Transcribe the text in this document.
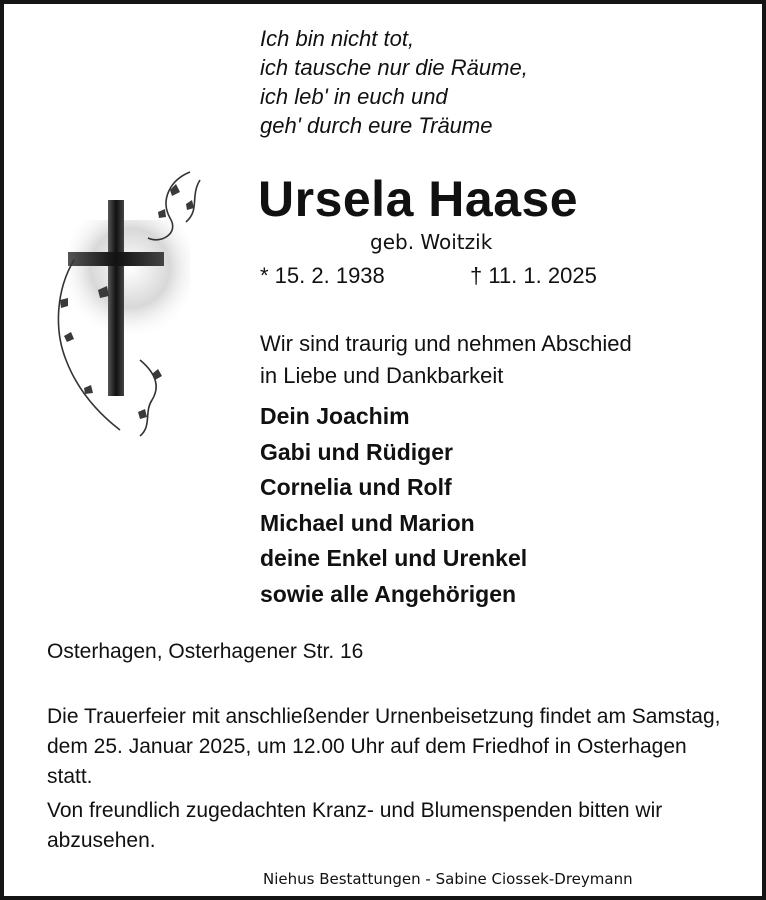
Ich bin nicht tot,
ich tausche nur die Räume,
ich leb' in euch und
geh' durch eure Träume
Ursela Haase
geb. Woitzik
* 15. 2. 1938	† 11. 1. 2025
Wir sind traurig und nehmen Abschied
in Liebe und Dankbarkeit
Dein Joachim
Gabi und Rüdiger
Cornelia und Rolf
Michael und Marion
deine Enkel und Urenkel
sowie alle Angehörigen
Osterhagen, Osterhagener Str. 16
Die Trauerfeier mit anschließender Urnenbeisetzung findet am Samstag, dem 25. Januar 2025, um 12.00 Uhr auf dem Friedhof in Osterhagen statt.
Von freundlich zugedachten Kranz- und Blumenspenden bitten wir abzusehen.
Niehus Bestattungen - Sabine Ciossek-Dreymann
